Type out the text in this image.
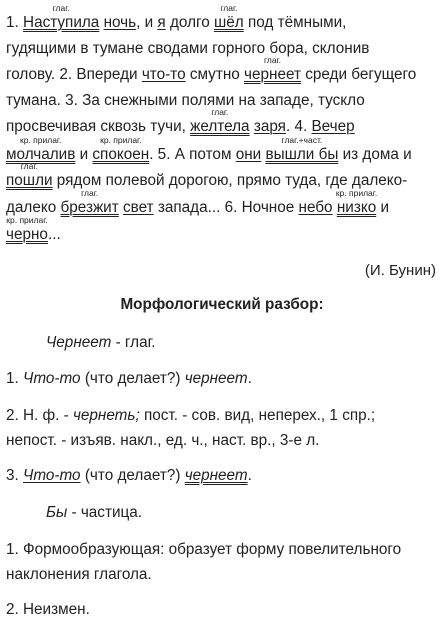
1.
глаг.
Наступила ночь, и я долго
глаг.
шёл под тёмными,
гудящими в тумане сводами горного бора, склонив
голову. 2. Впереди что-то смутно
глаг.
чернеет среди бегущего
тумана. 3. За снежными полями на западе, тускло
просвечивая сквозь тучи,
глаг.
желтела заря. 4. Вечер
кр. прилаг.
молчалив и
кр. прилаг.
спокоен. 5. А потом они
глаг.+част.
вышли бы из дома и
глаг.
пошли рядом полевой дорогою, прямо туда, где далеко-
далеко
глаг.
брезжит свет запада... 6. Ночное небо
кр. прилаг.
низко и
кр. прилаг.
черно...
(И. Бунин)
Морфологический разбор:
Чернеет - глаг.
1. Что-то (что делает?) чернеет.
2. Н. ф. - чернеть; пост. - сов. вид, неперех., 1 спр.;
непост. - изъяв. накл., ед. ч., наст. вр., 3-е л.
3. Что-то (что делает?) чернеет.
Бы - частица.
1. Формообразующая: образует форму повелительного
наклонения глагола.
2. Неизмен.
